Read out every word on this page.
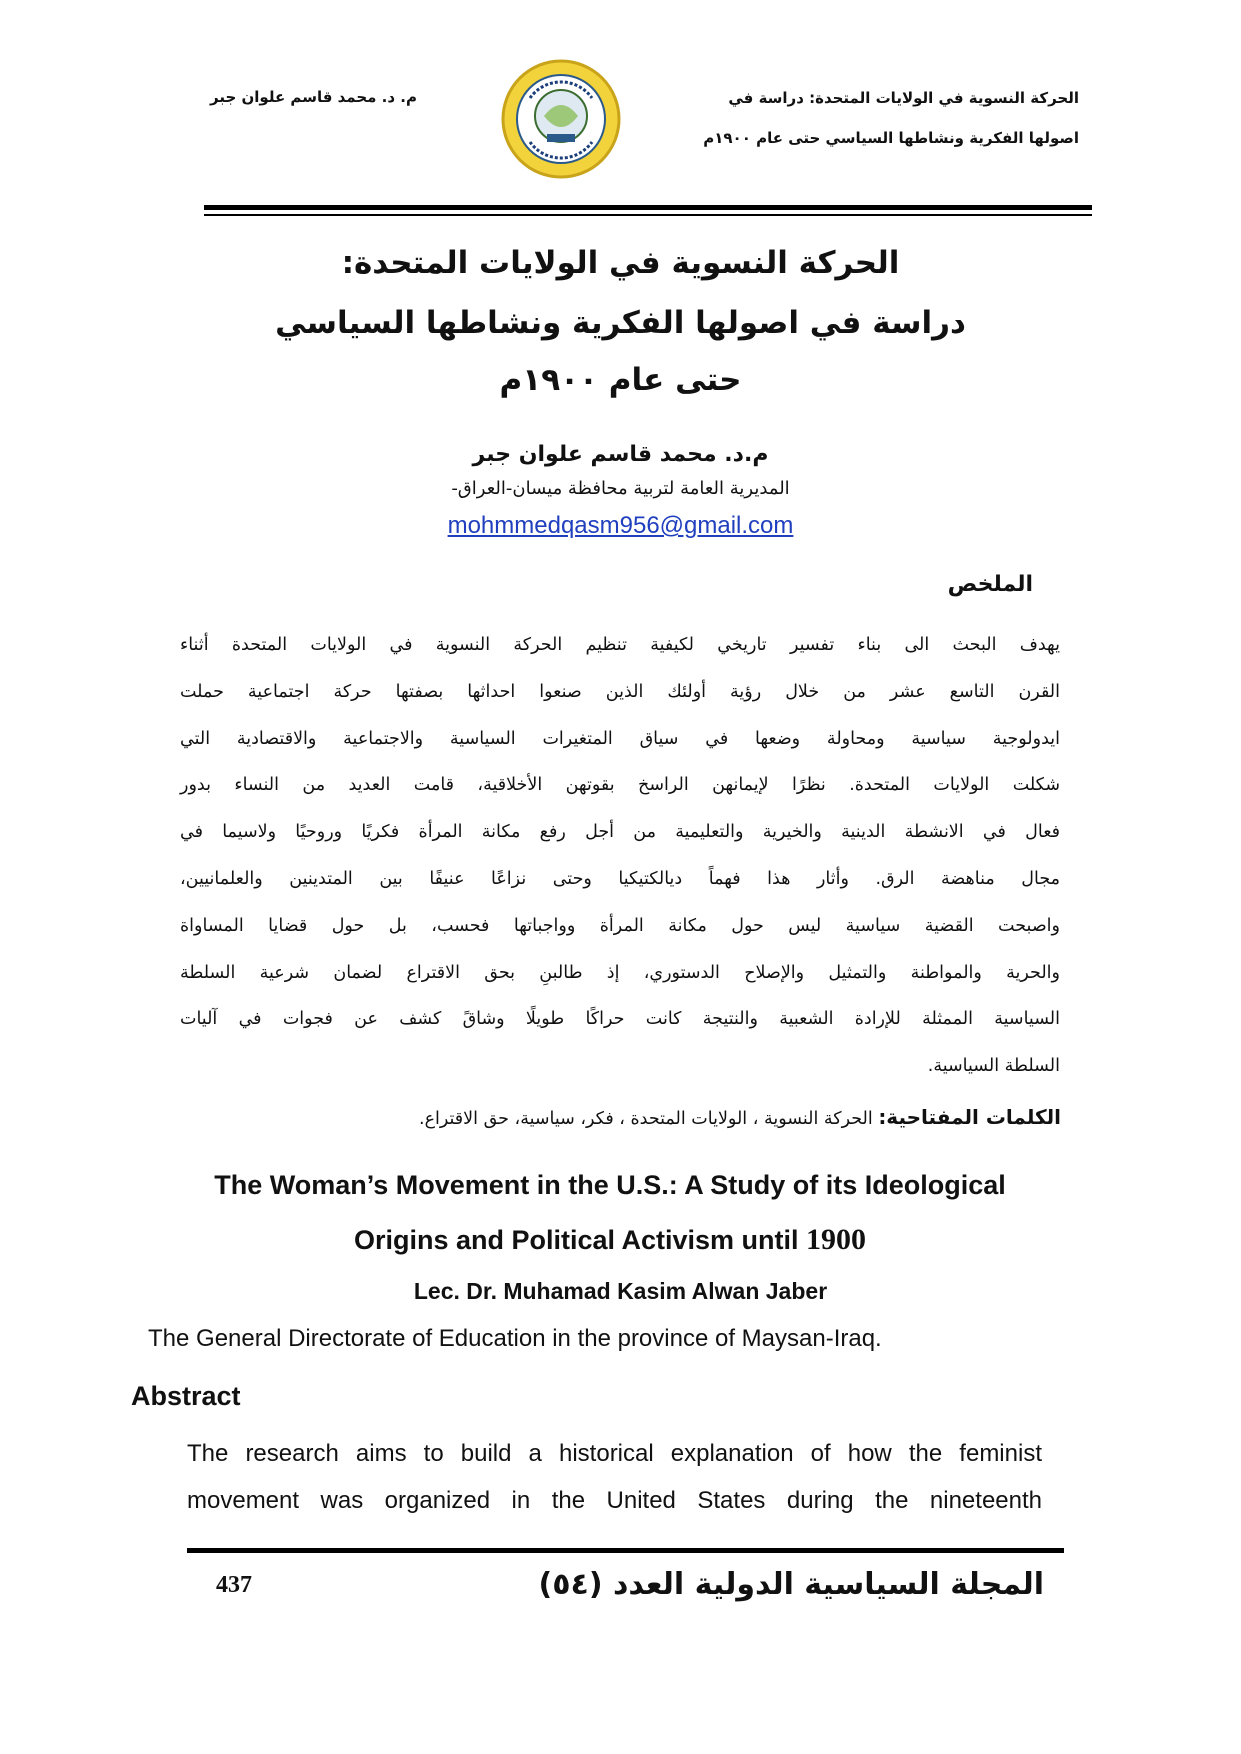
م. د. محمد قاسم علوان جبر	الحركة النسوية في الولايات المتحدة: دراسة في
اصولها الفكرية ونشاطها السياسي حتى عام ١٩٠٠م
الحركة النسوية في الولايات المتحدة:
دراسة في اصولها الفكرية ونشاطها السياسي
حتى عام ١٩٠٠م
م.د. محمد قاسم علوان جبر
المديرية العامة لتربية محافظة ميسان-العراق-
mohmmedqasm956@gmail.com
الملخص
يهدف البحث الى بناء تفسير تاريخي لكيفية تنظيم الحركة النسوية في الولايات المتحدة أثناء
القرن التاسع عشر من خلال رؤية أولئك الذين صنعوا احداثها بصفتها حركة اجتماعية حملت
ايدولوجية سياسية ومحاولة وضعها في سياق المتغيرات السياسية والاجتماعية والاقتصادية التي
شكلت الولايات المتحدة. نظرًا لإيمانهن الراسخ بقوتهن الأخلاقية، قامت العديد من النساء بدور
فعال في الانشطة الدينية والخيرية والتعليمية من أجل رفع مكانة المرأة فكريًا وروحيًا ولاسيما في
مجال مناهضة الرق. وأثار هذا فهماً ديالكتيكيا وحتى نزاعًا عنيفًا بين المتدينين والعلمانيين،
واصبحت القضية سياسية ليس حول مكانة المرأة وواجباتها فحسب، بل حول قضايا المساواة
والحرية والمواطنة والتمثيل والإصلاح الدستوري، إذ طالبنِ بحق الاقتراع لضمان شرعية السلطة
السياسية الممثلة للإرادة الشعبية والنتيجة كانت حراكًا طويلًا وشاقً كشف عن فجوات في آليات
السلطة السياسية.
الكلمات المفتاحية: الحركة النسوية ، الولايات المتحدة ، فكر، سياسية، حق الاقتراع.
The Woman’s Movement in the U.S.: A Study of its Ideological
Origins and Political Activism until 1900
Lec. Dr. Muhamad Kasim Alwan Jaber
The General Directorate of Education in the province of Maysan-Iraq.
Abstract
The research aims to build a historical explanation of how the feminist
movement was organized in the United States during the nineteenth
437	المجلة السياسية الدولية العدد (٥٤)
